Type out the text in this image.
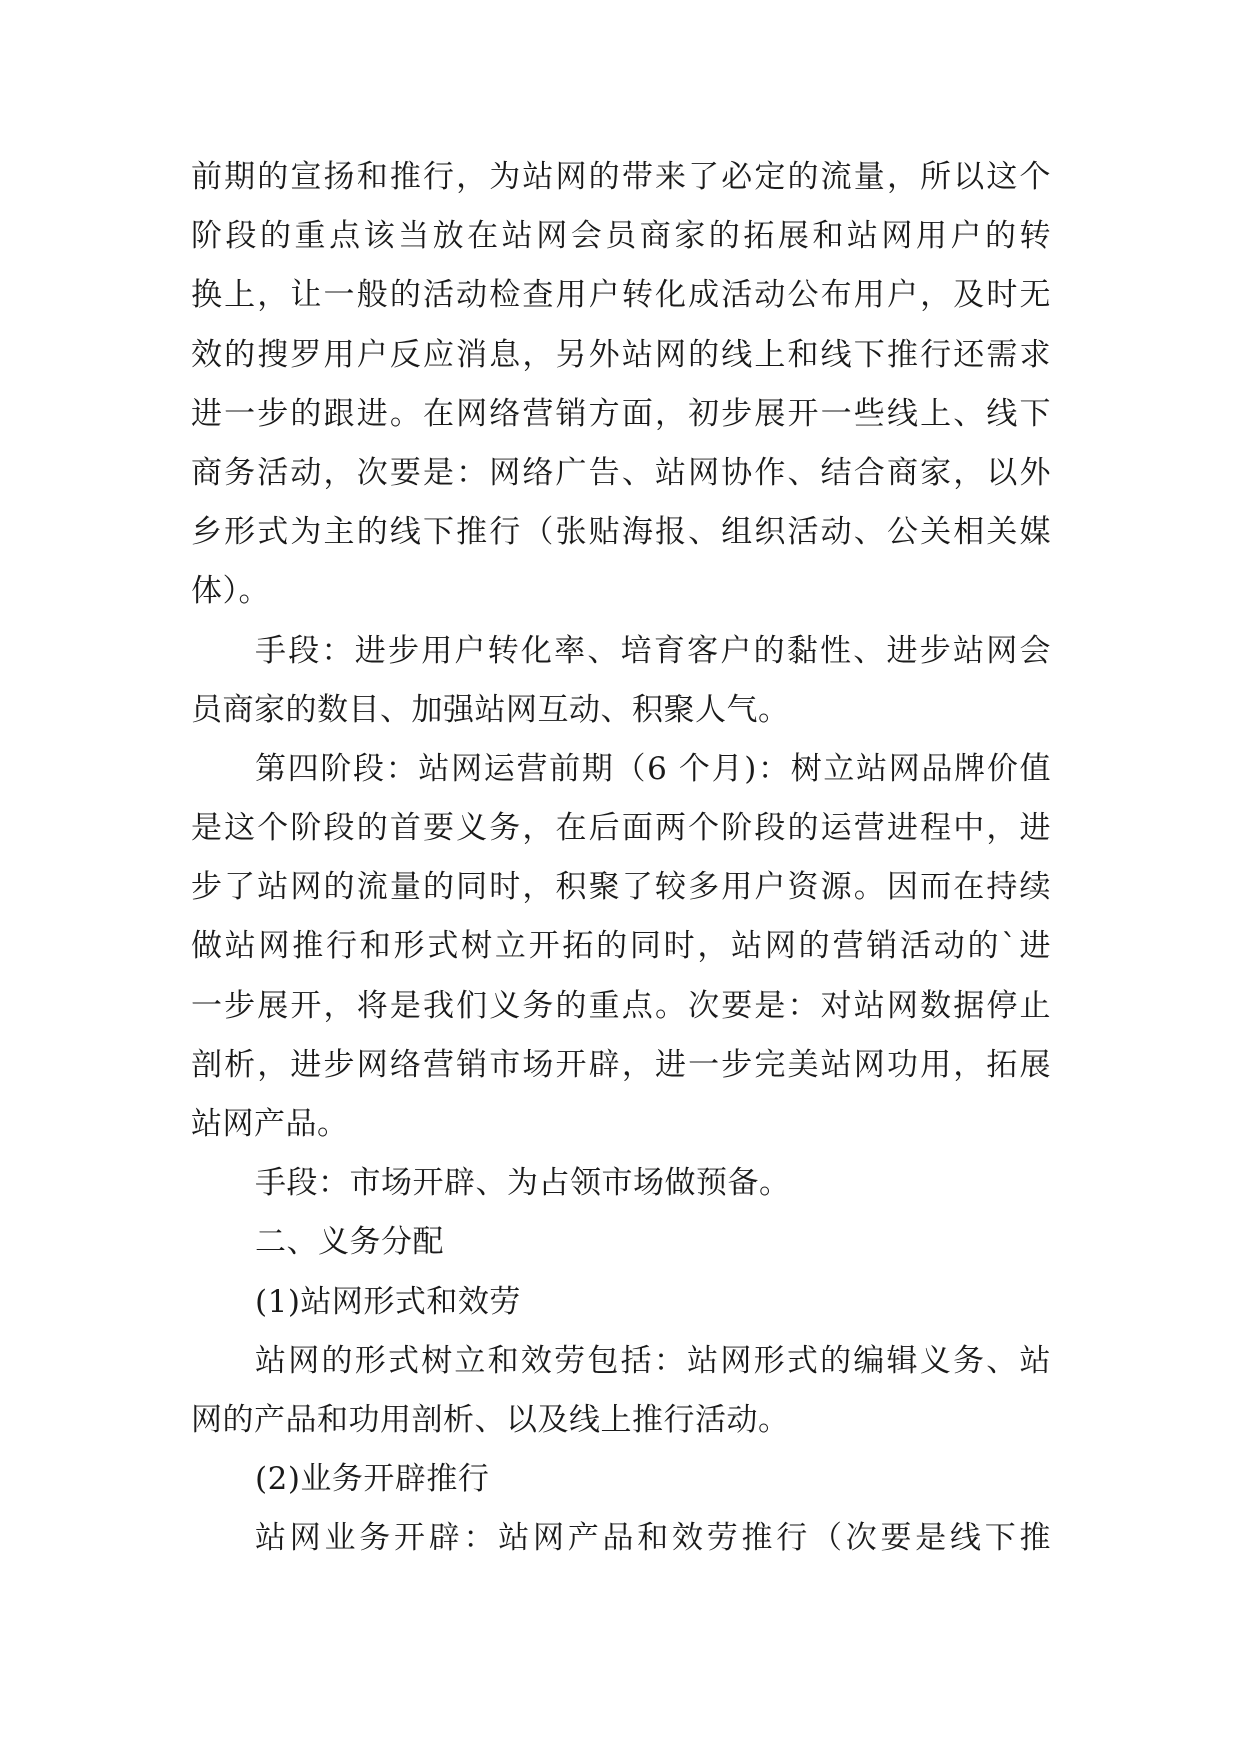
前期的宣扬和推行，为站网的带来了必定的流量，所以这个
阶段的重点该当放在站网会员商家的拓展和站网用户的转
换上，让一般的活动检查用户转化成活动公布用户，及时无
效的搜罗用户反应消息，另外站网的线上和线下推行还需求
进一步的跟进。在网络营销方面，初步展开一些线上、线下
商务活动，次要是：网络广告、站网协作、结合商家，以外
乡形式为主的线下推行（张贴海报、组织活动、公关相关媒
体）。
手段：进步用户转化率、培育客户的黏性、进步站网会
员商家的数目、加强站网互动、积聚人气。
第四阶段：站网运营前期（6 个月)：树立站网品牌价值
是这个阶段的首要义务，在后面两个阶段的运营进程中，进
步了站网的流量的同时，积聚了较多用户资源。因而在持续
做站网推行和形式树立开拓的同时，站网的营销活动的`进
一步展开，将是我们义务的重点。次要是：对站网数据停止
剖析，进步网络营销市场开辟，进一步完美站网功用，拓展
站网产品。
手段：市场开辟、为占领市场做预备。
二、义务分配
(1)站网形式和效劳
站网的形式树立和效劳包括：站网形式的编辑义务、站
网的产品和功用剖析、以及线上推行活动。
(2)业务开辟推行
站网业务开辟：站网产品和效劳推行（次要是线下推
